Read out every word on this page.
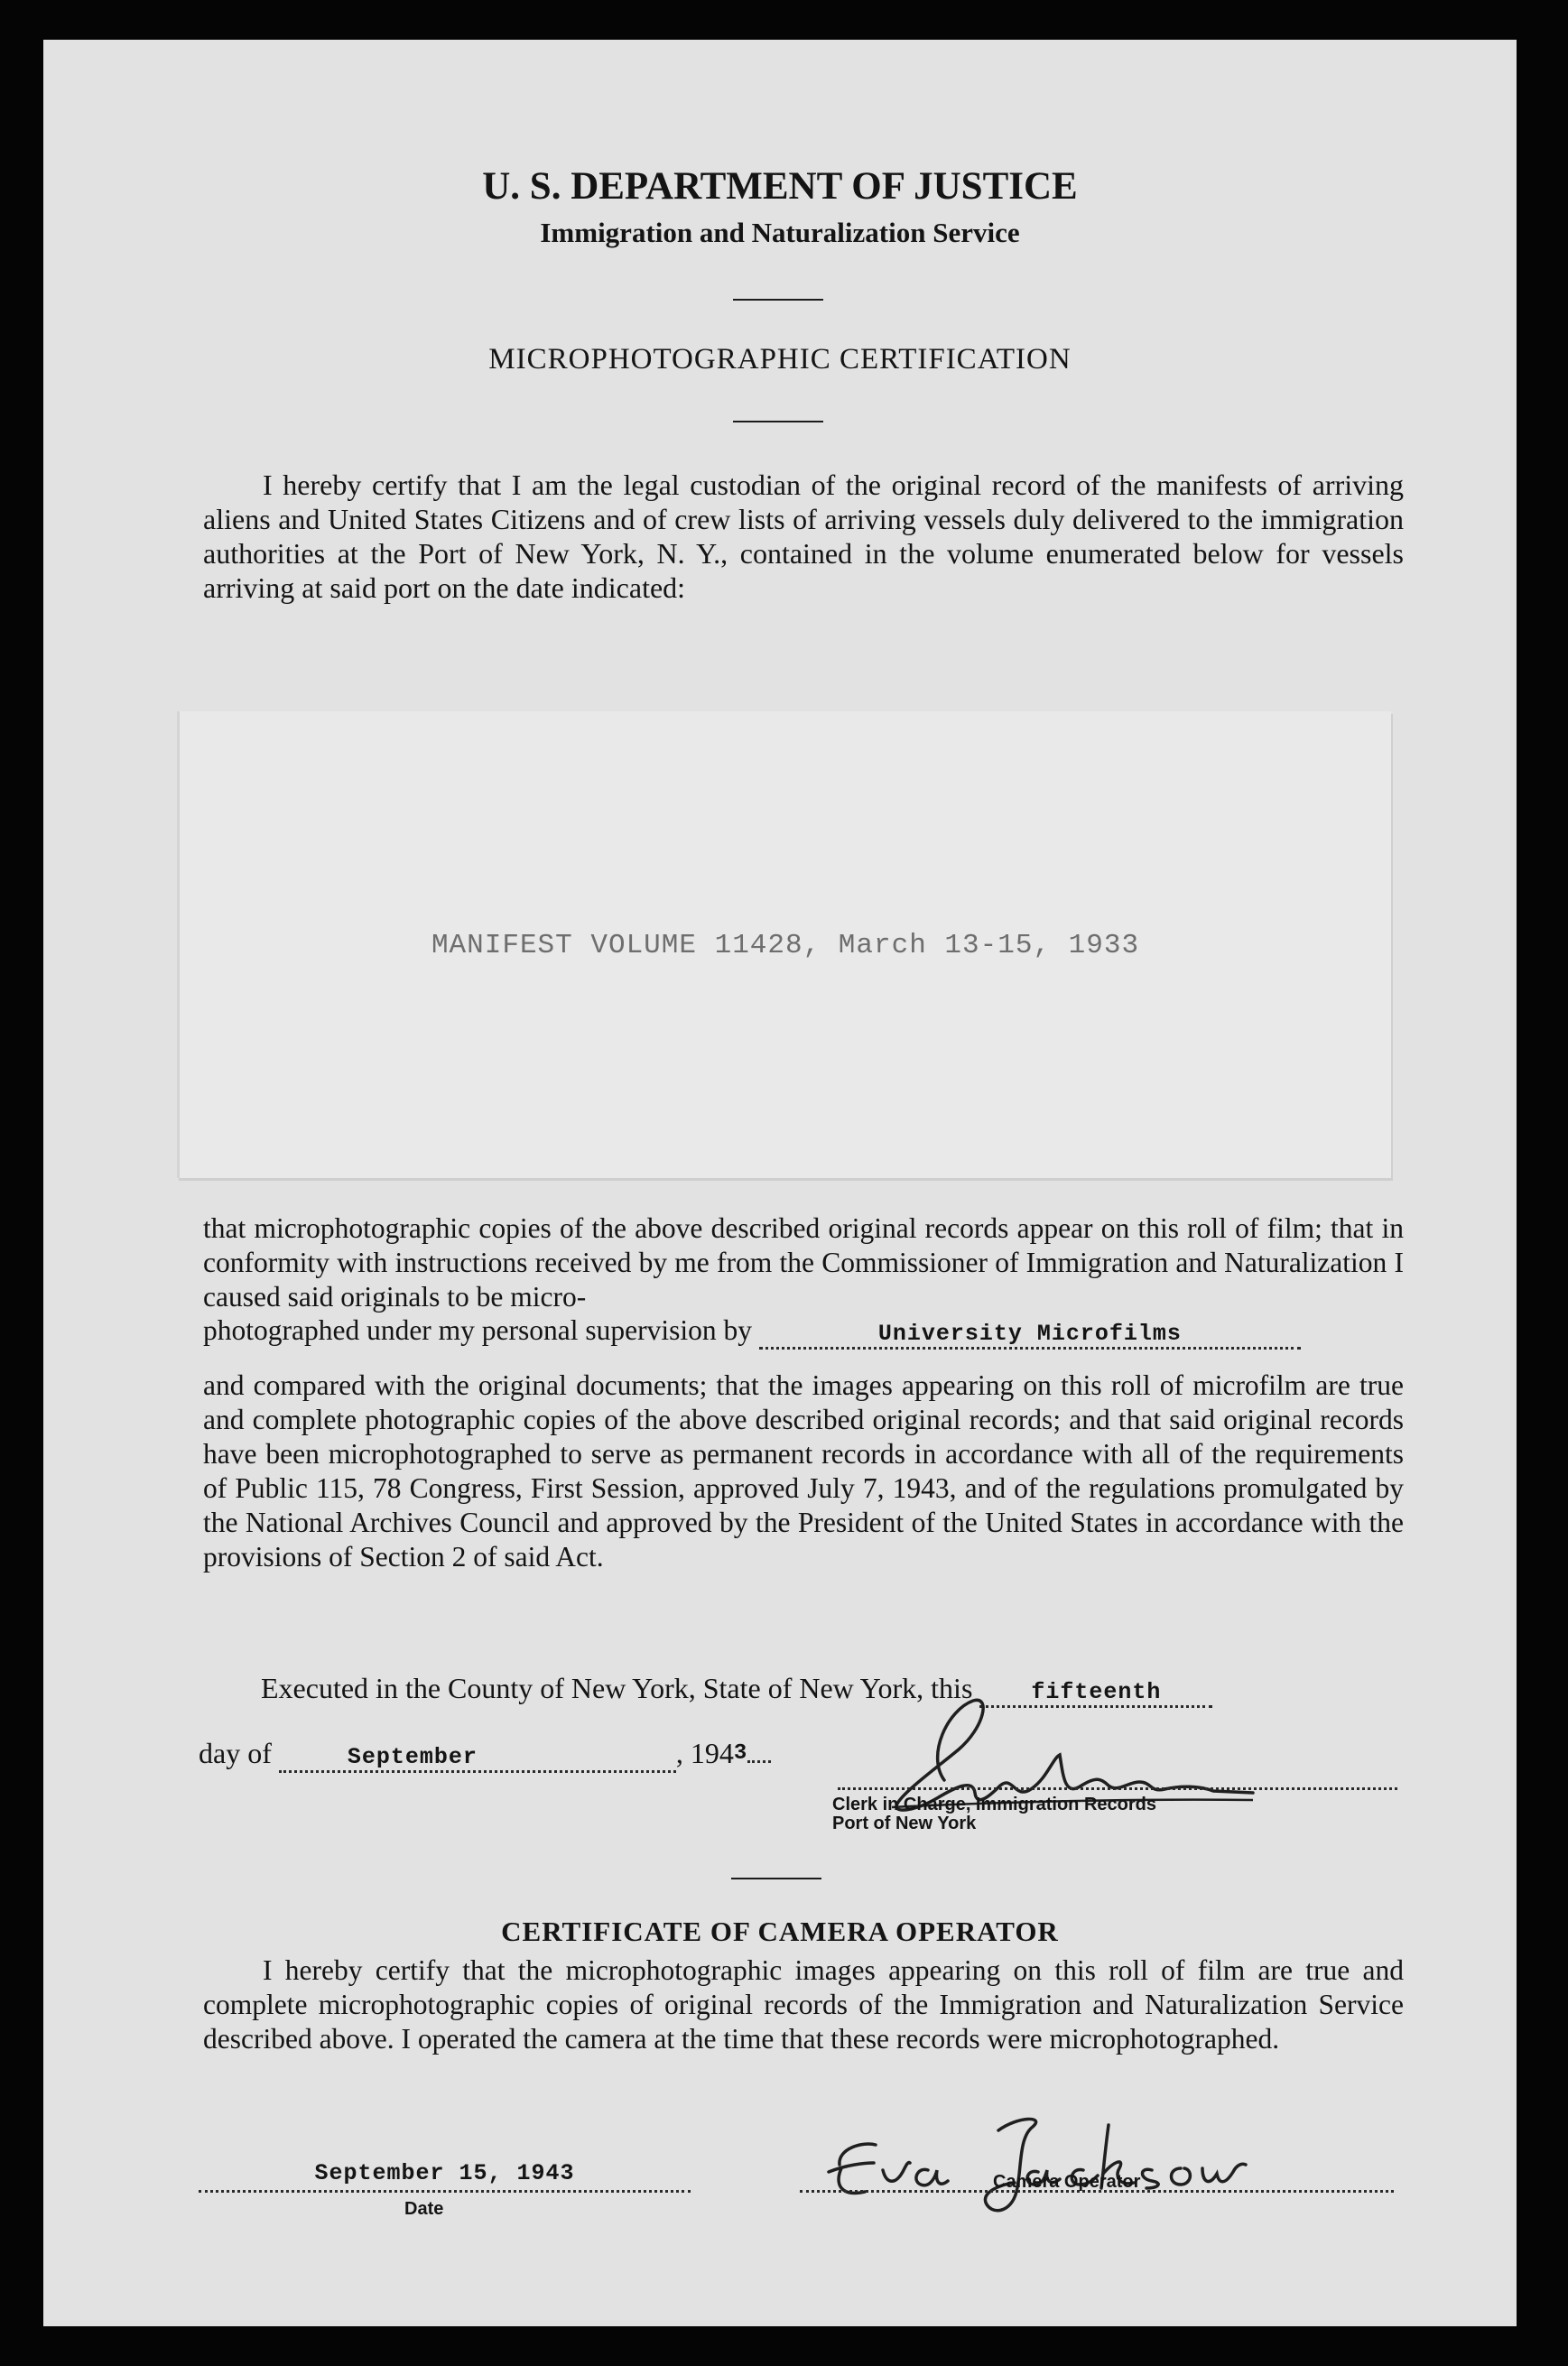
U. S. DEPARTMENT OF JUSTICE
Immigration and Naturalization Service
MICROPHOTOGRAPHIC CERTIFICATION
I hereby certify that I am the legal custodian of the original record of the manifests of arriving aliens and United States Citizens and of crew lists of arriving vessels duly delivered to the immigration authorities at the Port of New York, N. Y., contained in the volume enumerated below for vessels arriving at said port on the date indicated:
MANIFEST VOLUME 11428, March 13-15, 1933
that microphotographic copies of the above described original records appear on this roll of film; that in conformity with instructions received by me from the Commissioner of Immigration and Naturalization I caused said originals to be micro-
photographed under my personal supervision by	University Microfilms
and compared with the original documents; that the images appearing on this roll of microfilm are true and complete photographic copies of the above described original records; and that said original records have been microphotographed to serve as permanent records in accordance with all of the requirements of Public 115, 78 Congress, First Session, approved July 7, 1943, and of the regulations promulgated by the National Archives Council and approved by the President of the United States in accordance with the provisions of Section 2 of said Act.
Executed in the County of New York, State of New York, this	fifteenth
day of	September	, 1943
Clerk in Charge, Immigration Records
Port of New York
CERTIFICATE OF CAMERA OPERATOR
I hereby certify that the microphotographic images appearing on this roll of film are true and complete microphotographic copies of original records of the Immigration and Naturalization Service described above. I operated the camera at the time that these records were microphotographed.
September 15, 1943
Date
Camera Operator
